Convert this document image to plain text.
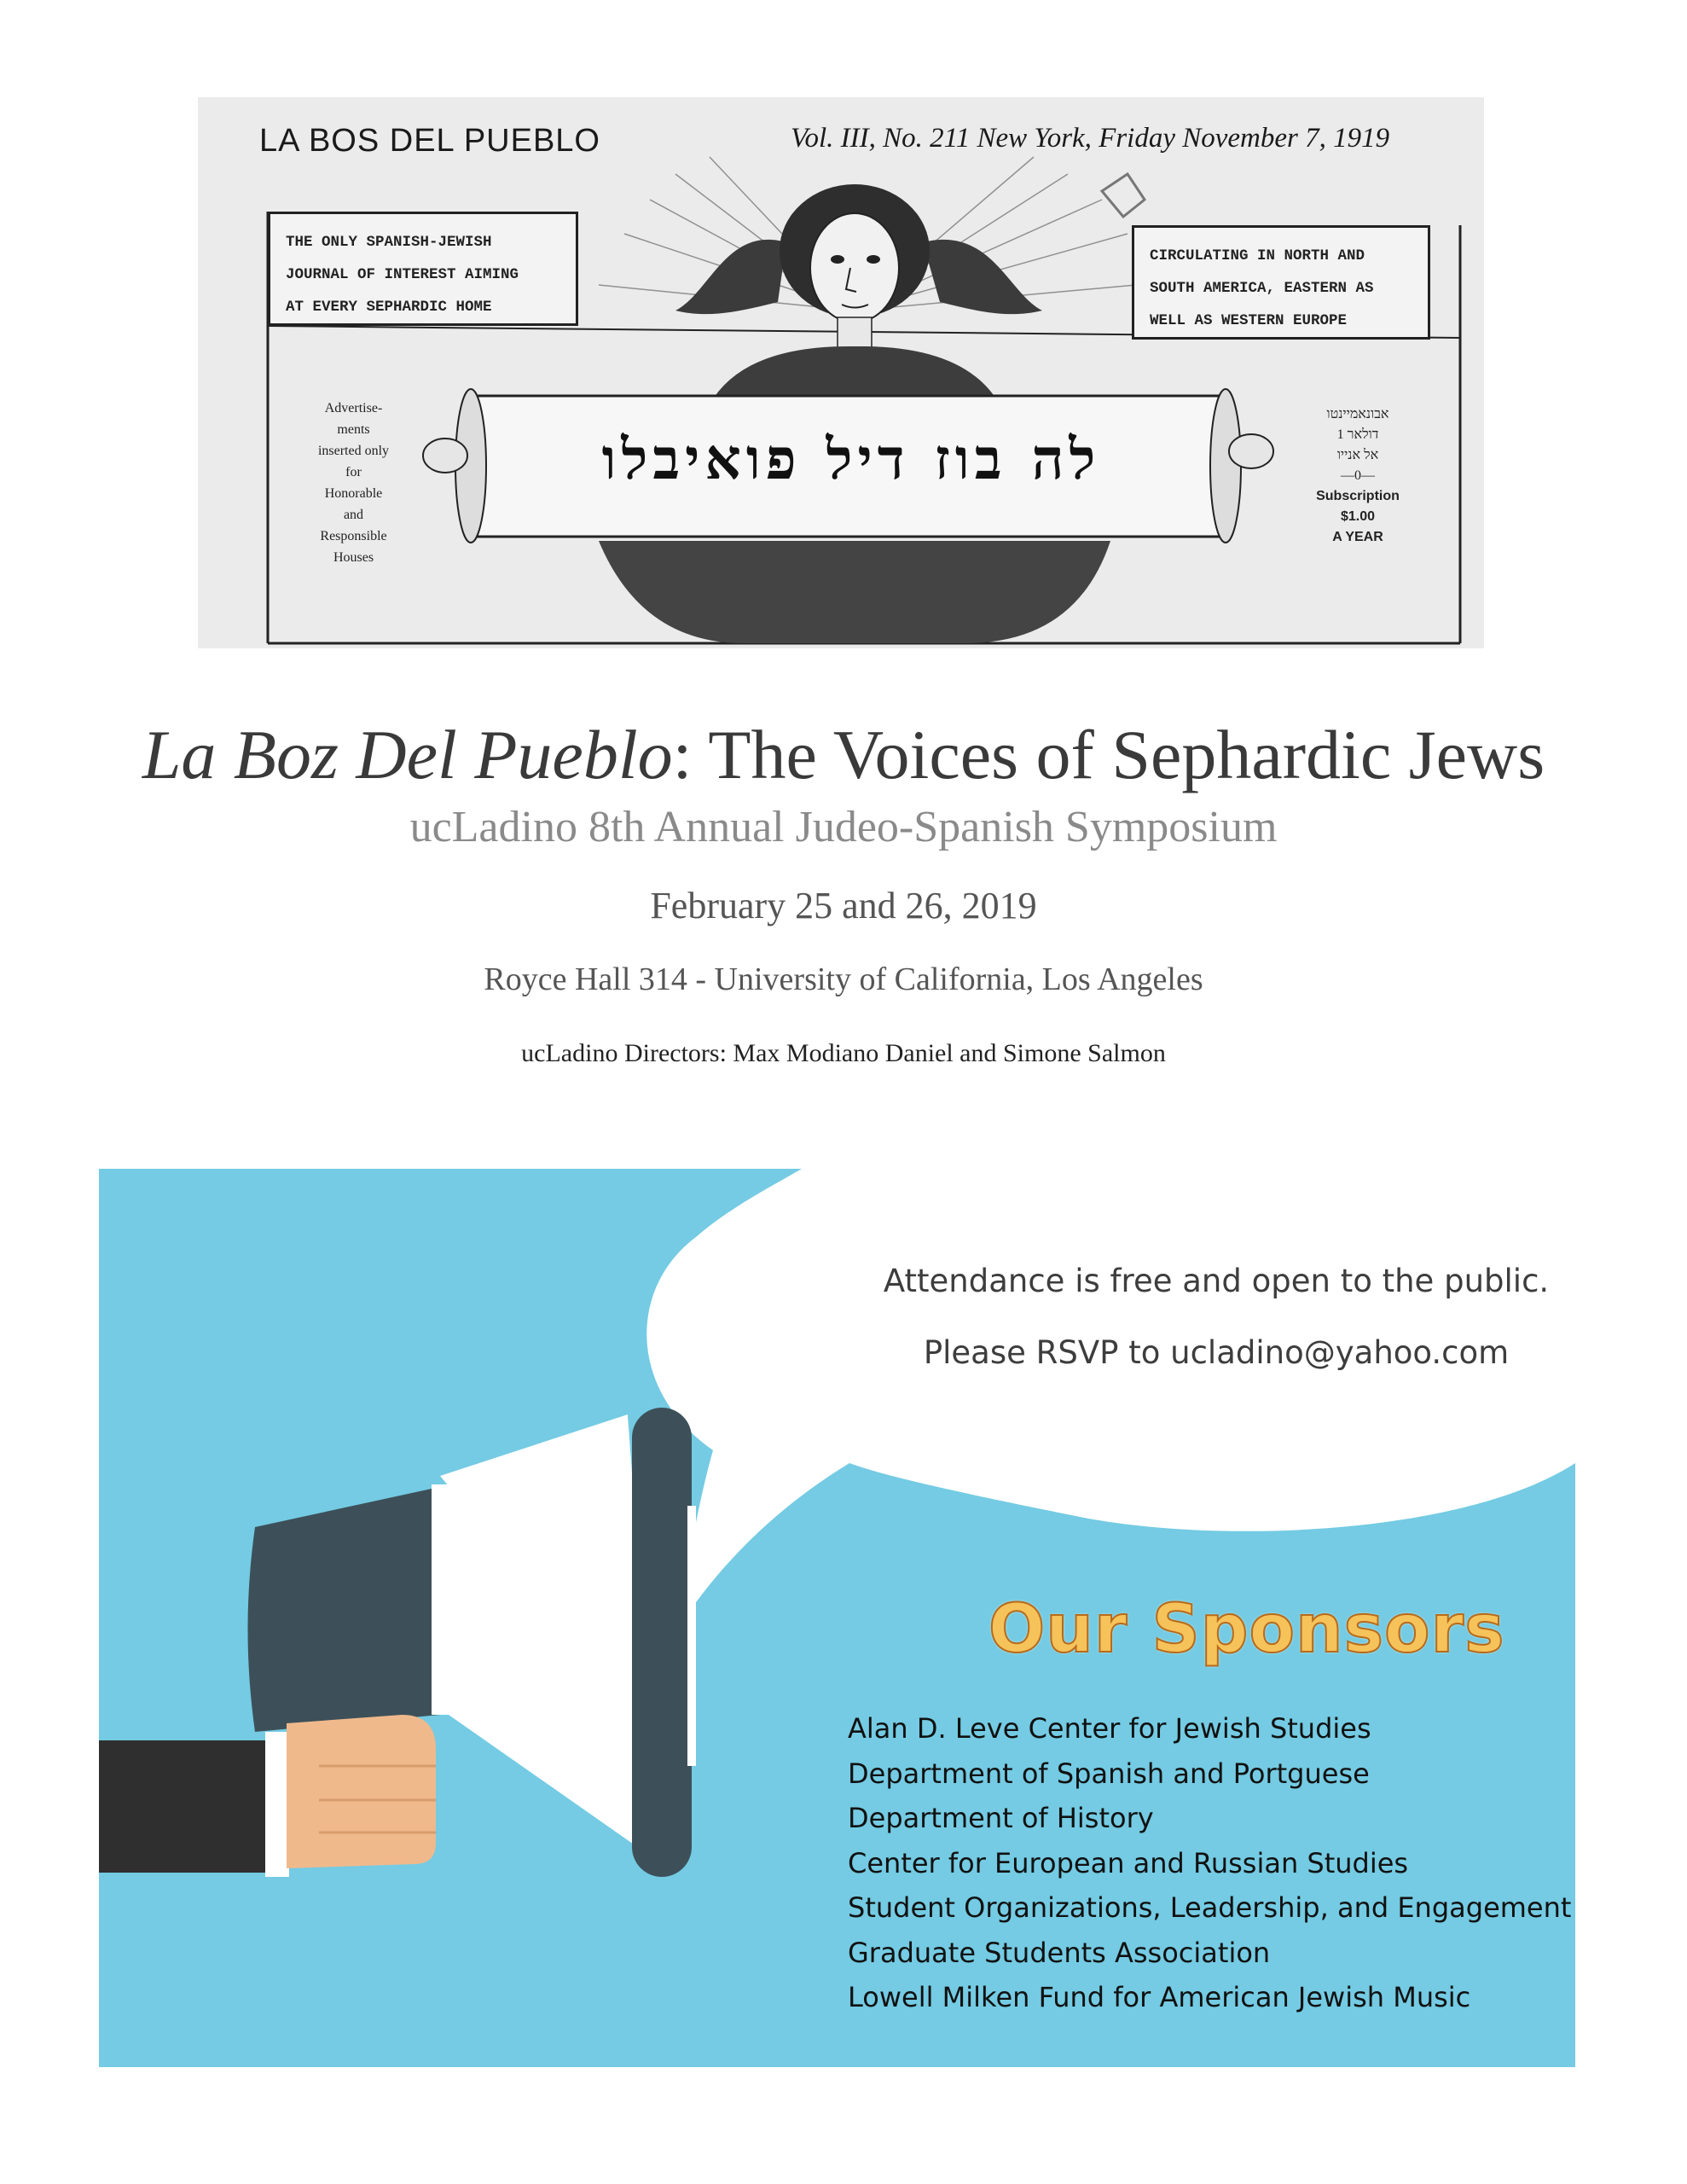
LA BOS DEL PUEBLO	Vol. III, No. 211 New York, Friday November 7, 1919
THE ONLY SPANISH-JEWISH
JOURNAL OF INTEREST AIMING
AT EVERY SEPHARDIC HOME
CIRCULATING IN NORTH AND
SOUTH AMERICA, EASTERN AS
WELL AS WESTERN EUROPE
Advertise-
ments
inserted only
for
Honorable
and
Responsible
Houses
אבונאמיינטו
1 דולאר
אל אנייו
—0—
Subscription
$1.00
A YEAR
לה בוז דיל פואיבלו
La Boz Del Pueblo: The Voices of Sephardic Jews
ucLadino 8th Annual Judeo-Spanish Symposium
February 25 and 26, 2019
Royce Hall 314 - University of California, Los Angeles
ucLadino Directors: Max Modiano Daniel and Simone Salmon
Attendance is free and open to the public.
Please RSVP to ucladino@yahoo.com
Our Sponsors
Alan D. Leve Center for Jewish Studies
Department of Spanish and Portguese
Department of History
Center for European and Russian Studies
Student Organizations, Leadership, and Engagement
Graduate Students Association
Lowell Milken Fund for American Jewish Music
